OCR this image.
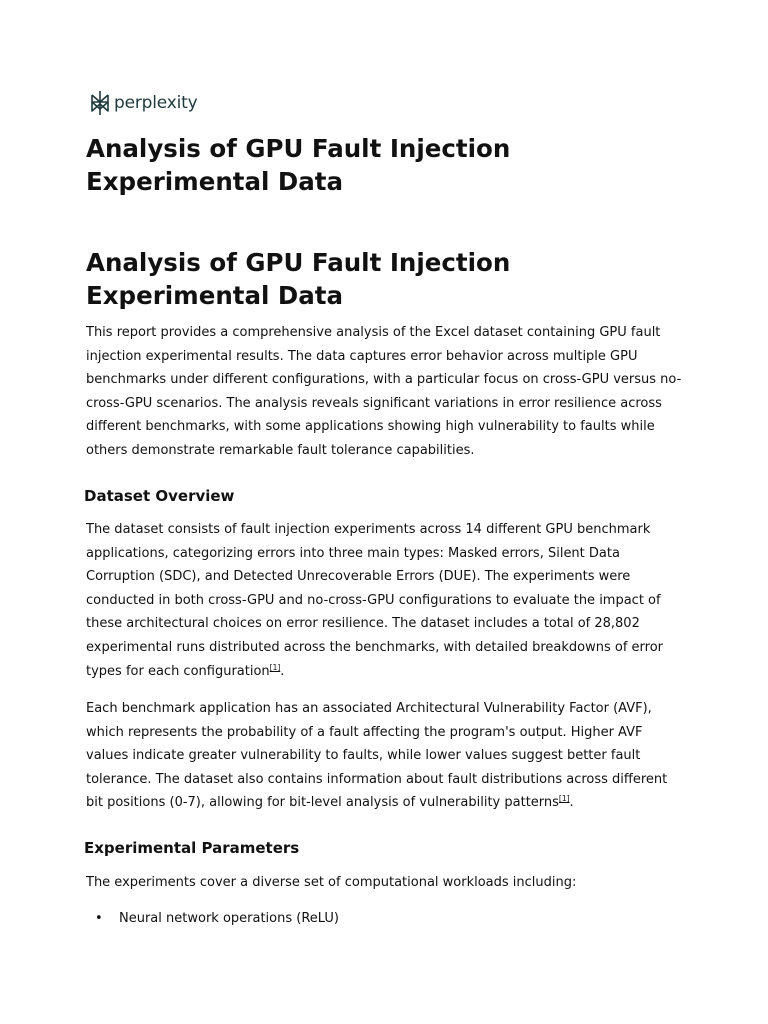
perplexity
Analysis of GPU Fault Injection Experimental Data
Analysis of GPU Fault Injection Experimental Data

This report provides a comprehensive analysis of the Excel dataset containing GPU fault injection experimental results. The data captures error behavior across multiple GPU benchmarks under different configurations, with a particular focus on cross-GPU versus no-cross-GPU scenarios. The analysis reveals significant variations in error resilience across different benchmarks, with some applications showing high vulnerability to faults while others demonstrate remarkable fault tolerance capabilities.

Dataset Overview

The dataset consists of fault injection experiments across 14 different GPU benchmark applications, categorizing errors into three main types: Masked errors, Silent Data Corruption (SDC), and Detected Unrecoverable Errors (DUE). The experiments were conducted in both cross-GPU and no-cross-GPU configurations to evaluate the impact of these architectural choices on error resilience. The dataset includes a total of 28,802 experimental runs distributed across the benchmarks, with detailed breakdowns of error types for each configuration[1].

Each benchmark application has an associated Architectural Vulnerability Factor (AVF), which represents the probability of a fault affecting the program's output. Higher AVF values indicate greater vulnerability to faults, while lower values suggest better fault tolerance. The dataset also contains information about fault distributions across different bit positions (0-7), allowing for bit-level analysis of vulnerability patterns[1].

Experimental Parameters

The experiments cover a diverse set of computational workloads including:

• Neural network operations (ReLU)
